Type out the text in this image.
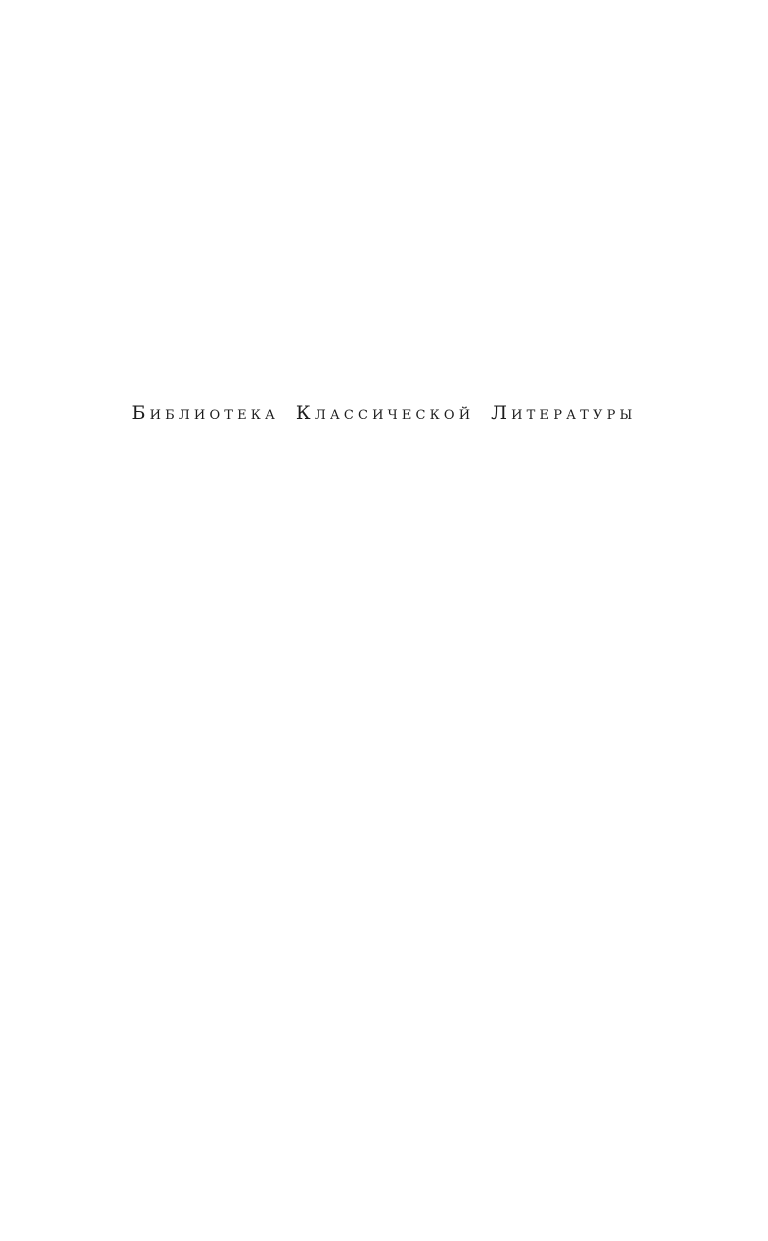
Библиотека Классической Литературы
